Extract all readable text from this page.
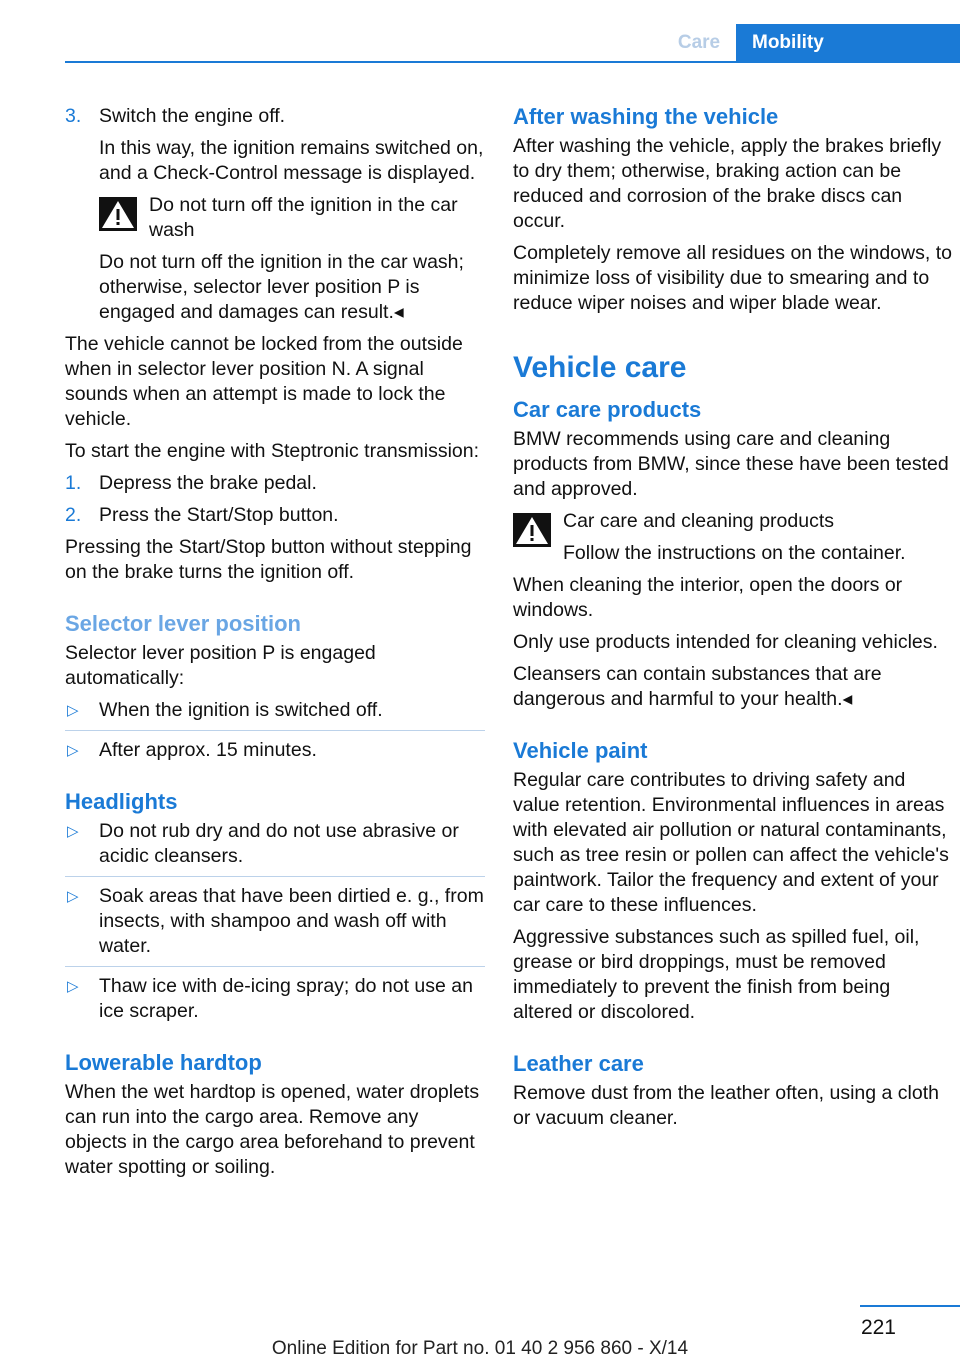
Care	Mobility
3. Switch the engine off.

In this way, the ignition remains switched on, and a Check-Control message is displayed.

Do not turn off the ignition in the car wash

Do not turn off the ignition in the car wash; otherwise, selector lever position P is engaged and damages can result.◂

The vehicle cannot be locked from the outside when in selector lever position N. A signal sounds when an attempt is made to lock the vehicle.

To start the engine with Steptronic transmission:

1. Depress the brake pedal.
2. Press the Start/Stop button.

Pressing the Start/Stop button without stepping on the brake turns the ignition off.

Selector lever position

Selector lever position P is engaged automatically:

▷ When the ignition is switched off.
▷ After approx. 15 minutes.
Headlights
▷ Do not rub dry and do not use abrasive or acidic cleansers.
▷ Soak areas that have been dirtied e. g., from insects, with shampoo and wash off with water.
▷ Thaw ice with de-icing spray; do not use an ice scraper.
Lowerable hardtop

When the wet hardtop is opened, water droplets can run into the cargo area. Remove any objects in the cargo area beforehand to prevent water spotting or soiling.

After washing the vehicle

After washing the vehicle, apply the brakes briefly to dry them; otherwise, braking action can be reduced and corrosion of the brake discs can occur.

Completely remove all residues on the windows, to minimize loss of visibility due to smearing and to reduce wiper noises and wiper blade wear.

Vehicle care
Car care products

BMW recommends using care and cleaning products from BMW, since these have been tested and approved.

Car care and cleaning products

Follow the instructions on the container.

When cleaning the interior, open the doors or windows.

Only use products intended for cleaning vehicles.

Cleansers can contain substances that are dangerous and harmful to your health.◂

Vehicle paint

Regular care contributes to driving safety and value retention. Environmental influences in areas with elevated air pollution or natural contaminants, such as tree resin or pollen can affect the vehicle's paintwork. Tailor the frequency and extent of your car care to these influences.

Aggressive substances such as spilled fuel, oil, grease or bird droppings, must be removed immediately to prevent the finish from being altered or discolored.

Leather care

Remove dust from the leather often, using a cloth or vacuum cleaner.

221
Online Edition for Part no. 01 40 2 956 860 - X/14
